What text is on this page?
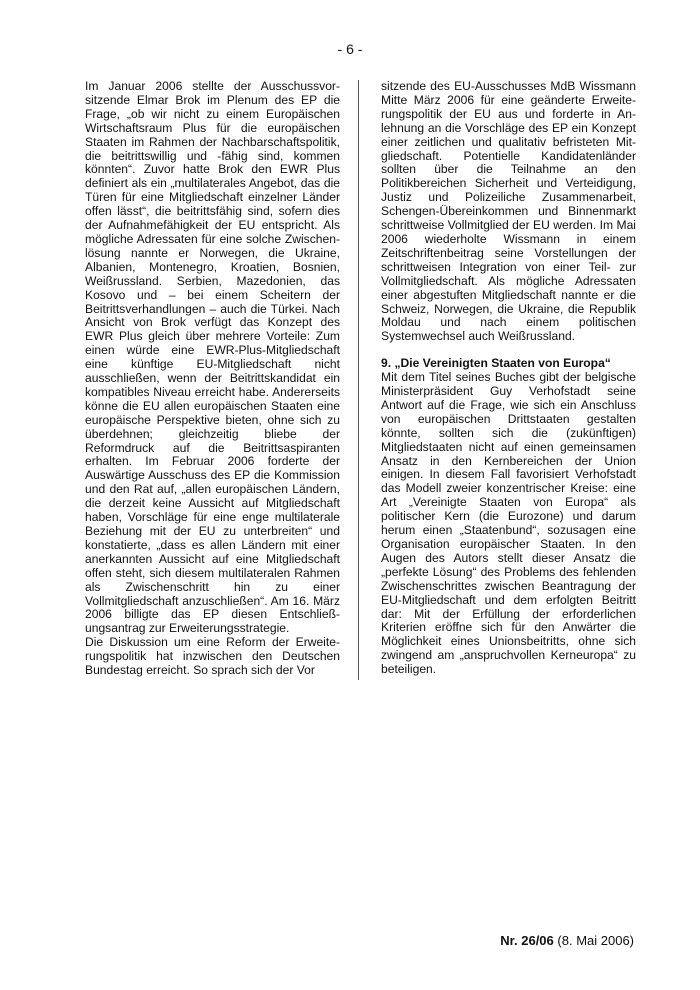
- 6 -

Im Januar 2006 stellte der Ausschussvorsitzende Elmar Brok im Plenum des EP die Frage, „ob wir nicht zu einem Europäischen Wirtschaftsraum Plus für die europäischen Staaten im Rahmen der Nachbarschaftspolitik, die beitrittswillig und -fähig sind, kommen könnten“. Zuvor hatte Brok den EWR Plus definiert als ein „multilaterales Angebot, das die Türen für eine Mitgliedschaft einzelner Länder offen lässt“, die beitrittsfähig sind, sofern dies der Aufnahmefähigkeit der EU entspricht. Als mögliche Adressaten für eine solche Zwischenlösung nannte er Norwegen, die Ukraine, Albanien, Montenegro, Kroatien, Bosnien, Weißrussland. Serbien, Mazedonien, das Kosovo und – bei einem Scheitern der Beitrittsverhandlungen – auch die Türkei. Nach Ansicht von Brok verfügt das Konzept des EWR Plus gleich über mehrere Vorteile: Zum einen würde eine EWR-Plus-Mitgliedschaft eine künftige EU-Mitgliedschaft nicht ausschließen, wenn der Beitrittskandidat ein kompatibles Niveau erreicht habe. Andererseits könne die EU allen europäischen Staaten eine europäische Perspektive bieten, ohne sich zu überdehnen; gleichzeitig bliebe der Reformdruck auf die Beitrittsaspiranten erhalten. Im Februar 2006 forderte der Auswärtige Ausschuss des EP die Kommission und den Rat auf, „allen europäischen Ländern, die derzeit keine Aussicht auf Mitgliedschaft haben, Vorschläge für eine enge multilaterale Beziehung mit der EU zu unterbreiten“ und konstatierte, „dass es allen Ländern mit einer anerkannten Aussicht auf eine Mitgliedschaft offen steht, sich diesem multilateralen Rahmen als Zwischenschritt hin zu einer Vollmitgliedschaft anzuschließen“. Am 16. März 2006 billigte das EP diesen Entschließungsantrag zur Erweiterungsstrategie.

Die Diskussion um eine Reform der Erweiterungspolitik hat inzwischen den Deutschen Bundestag erreicht. So sprach sich der Vor

sitzende des EU-Ausschusses MdB Wissmann Mitte März 2006 für eine geänderte Erweiterungspolitik der EU aus und forderte in Anlehnung an die Vorschläge des EP ein Konzept einer zeitlichen und qualitativ befristeten Mitgliedschaft. Potentielle Kandidatenländer sollten über die Teilnahme an den Politikbereichen Sicherheit und Verteidigung, Justiz und Polizeiliche Zusammenarbeit, Schengen-Übereinkommen und Binnenmarkt schrittweise Vollmitglied der EU werden. Im Mai 2006 wiederholte Wissmann in einem Zeitschriftenbeitrag seine Vorstellungen der schrittweisen Integration von einer Teil- zur Vollmitgliedschaft. Als mögliche Adressaten einer abgestuften Mitgliedschaft nannte er die Schweiz, Norwegen, die Ukraine, die Republik Moldau und nach einem politischen Systemwechsel auch Weißrussland.

9. „Die Vereinigten Staaten von Europa“

Mit dem Titel seines Buches gibt der belgische Ministerpräsident Guy Verhofstadt seine Antwort auf die Frage, wie sich ein Anschluss von europäischen Drittstaaten gestalten könnte, sollten sich die (zukünftigen) Mitgliedstaaten nicht auf einen gemeinsamen Ansatz in den Kernbereichen der Union einigen. In diesem Fall favorisiert Verhofstadt das Modell zweier konzentrischer Kreise: eine Art „Vereinigte Staaten von Europa“ als politischer Kern (die Eurozone) und darum herum einen „Staatenbund“, sozusagen eine Organisation europäischer Staaten. In den Augen des Autors stellt dieser Ansatz die „perfekte Lösung“ des Problems des fehlenden Zwischenschrittes zwischen Beantragung der EU-Mitgliedschaft und dem erfolgten Beitritt dar: Mit der Erfüllung der erforderlichen Kriterien eröffne sich für den Anwärter die Möglichkeit eines Unionsbeitritts, ohne sich zwingend am „anspruchvollen Kerneuropa“ zu beteiligen.

Nr. 26/06 (8. Mai 2006)
